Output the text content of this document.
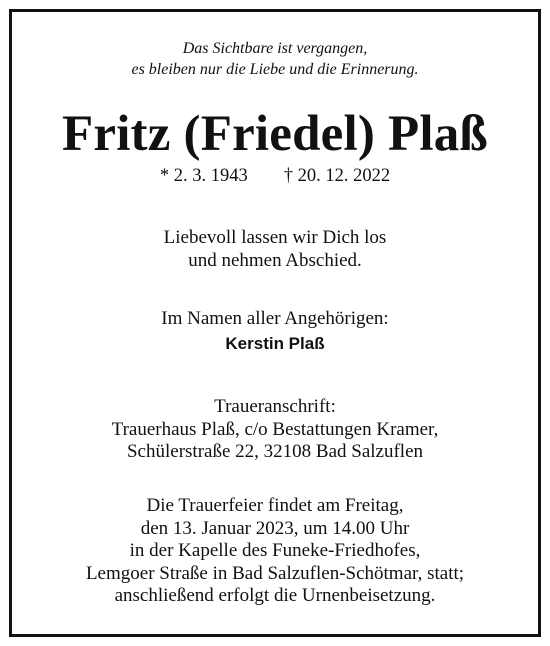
Das Sichtbare ist vergangen,
es bleiben nur die Liebe und die Erinnerung.
Fritz (Friedel) Plaß
* 2. 3. 1943 † 20. 12. 2022
Liebevoll lassen wir Dich los
und nehmen Abschied.
Im Namen aller Angehörigen:
Kerstin Plaß
Traueranschrift:
Trauerhaus Plaß, c/o Bestattungen Kramer,
Schülerstraße 22, 32108 Bad Salzuflen
Die Trauerfeier findet am Freitag,
den 13. Januar 2023, um 14.00 Uhr
in der Kapelle des Funeke-Friedhofes,
Lemgoer Straße in Bad Salzuflen-Schötmar, statt;
anschließend erfolgt die Urnenbeisetzung.
